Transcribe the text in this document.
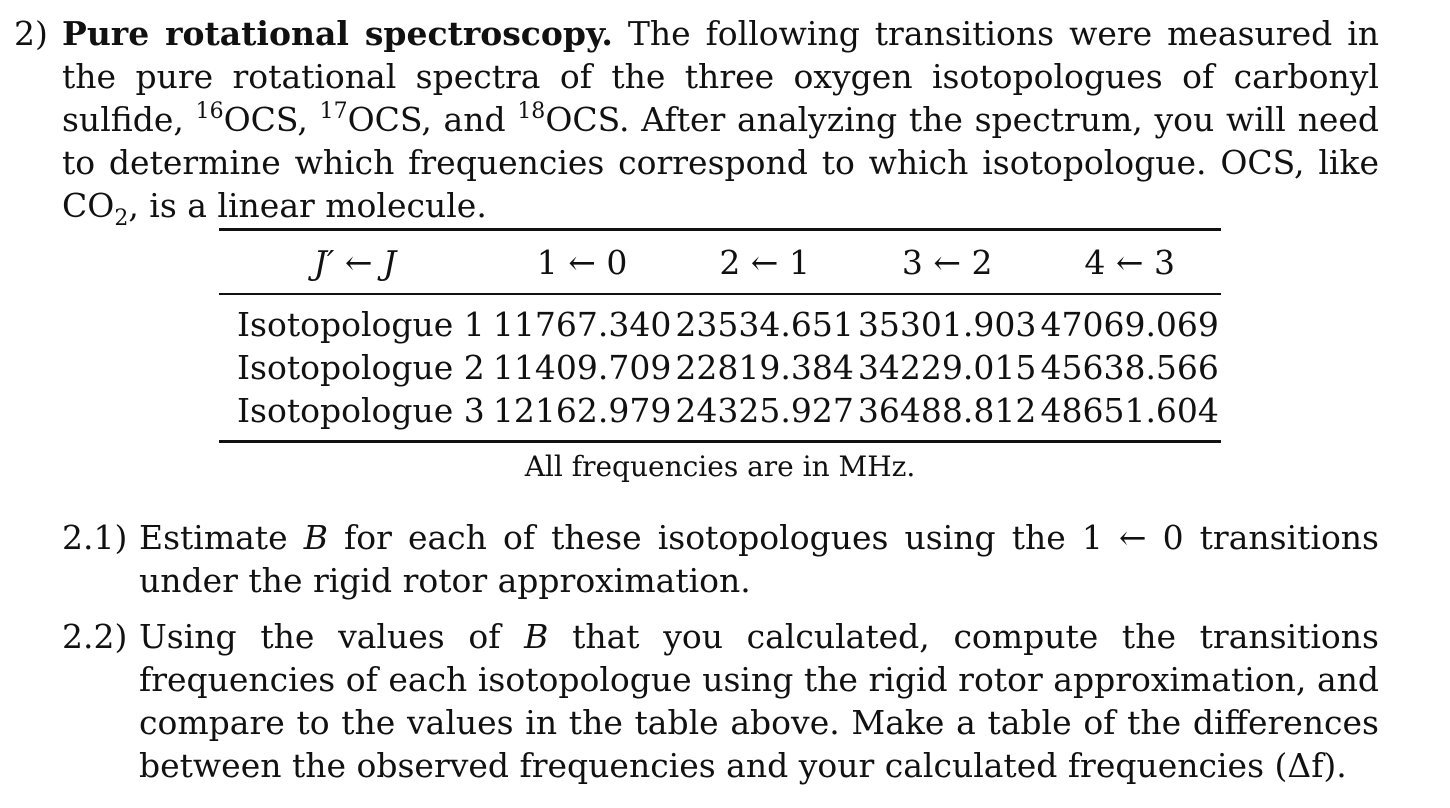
2) Pure rotational spectroscopy. The following transitions were measured in the pure rotational spectra of the three oxygen isotopologues of carbonyl sulfide, $^{16}$OCS, $^{17}$OCS, and $^{18}$OCS. After analyzing the spectrum, you will need to determine which frequencies correspond to which isotopologue. OCS, like $CO_2$, is a linear molecule.
J′ ← J	1 ← 0	2 ← 1	3 ← 2	4 ← 3
Isotopologue 1	11767.340	23534.651	35301.903	47069.069
Isotopologue 2	11409.709	22819.384	34229.015	45638.566
Isotopologue 3	12162.979	24325.927	36488.812	48651.604
All frequencies are in MHz.
2.1) Estimate B for each of these isotopologues using the 1 ← 0 transitions under the rigid rotor approximation.
2.2) Using the values of B that you calculated, compute the transitions frequencies of each isotopologue using the rigid rotor approximation, and compare to the values in the table above. Make a table of the differences between the observed frequencies and your calculated frequencies (Δf).
